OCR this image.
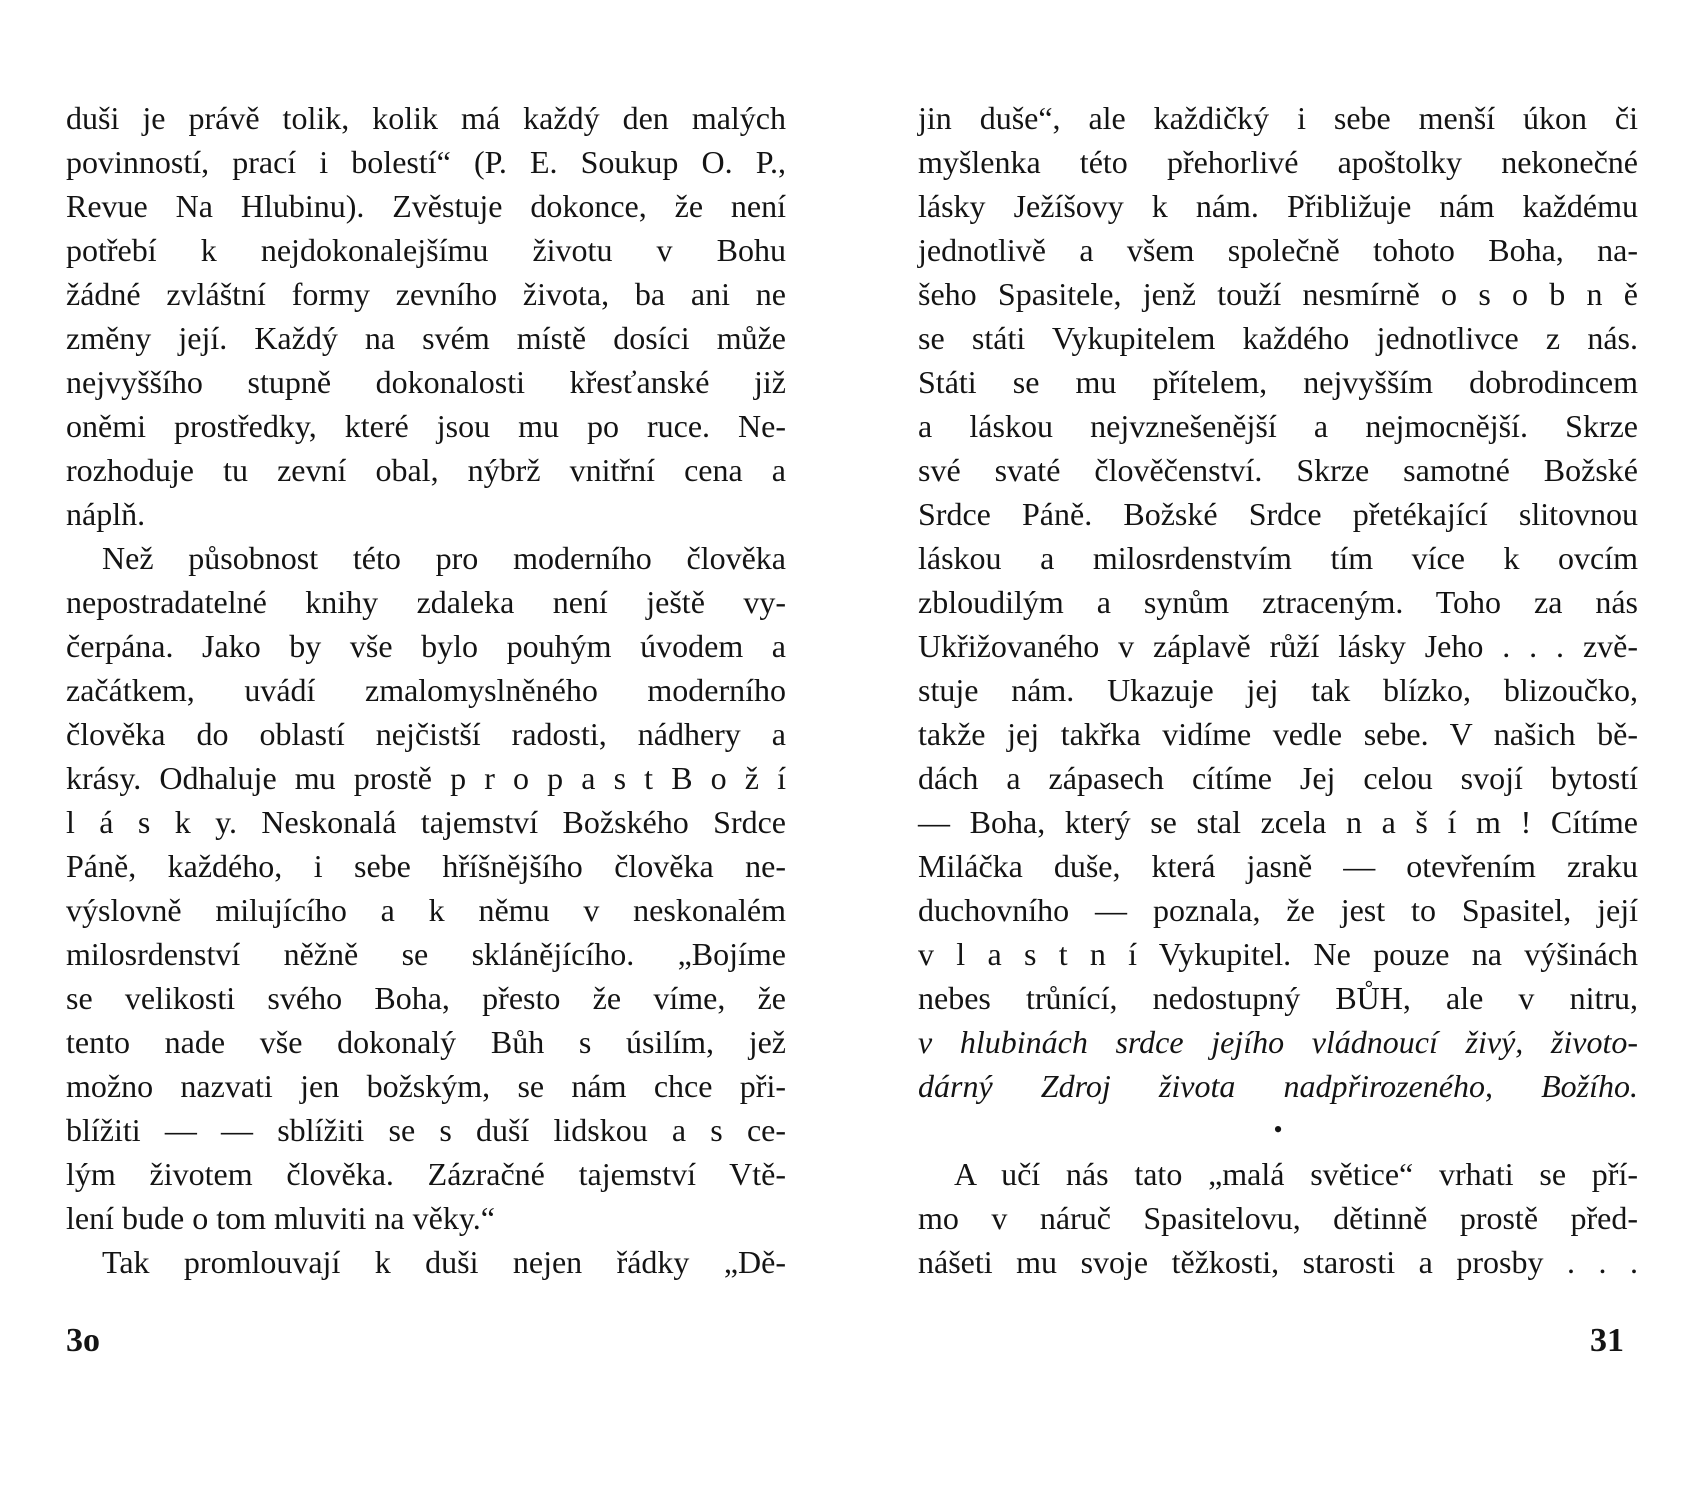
duši je právě tolik, kolik má každý den malých
povinností, prací i bolestí“ (P. E. Soukup O. P.,
Revue Na Hlubinu). Zvěstuje dokonce, že není
potřebí k nejdokonalejšímu životu v Bohu
žádné zvláštní formy zevního života, ba ani ne
změny její. Každý na svém místě dosíci může
nejvyššího stupně dokonalosti křesťanské již
oněmi prostředky, které jsou mu po ruce. Ne-
rozhoduje tu zevní obal, nýbrž vnitřní cena a
náplň.
Než působnost této pro moderního člověka
nepostradatelné knihy zdaleka není ještě vy-
čerpána. Jako by vše bylo pouhým úvodem a
začátkem, uvádí zmalomyslněného moderního
člověka do oblastí nejčistší radosti, nádhery a
krásy. Odhaluje mu prostě p r o p a s t B o ž í
l á s k y. Neskonalá tajemství Božského Srdce
Páně, každého, i sebe hříšnějšího člověka ne-
výslovně milujícího a k němu v neskonalém
milosrdenství něžně se sklánějícího. „Bojíme
se velikosti svého Boha, přesto že víme, že
tento nade vše dokonalý Bůh s úsilím, jež
možno nazvati jen božským, se nám chce při-
blížiti — — sblížiti se s duší lidskou a s ce-
lým životem člověka. Zázračné tajemství Vtě-
lení bude o tom mluviti na věky.“
Tak promlouvají k duši nejen řádky „Dě-
jin duše“, ale každičký i sebe menší úkon či
myšlenka této přehorlivé apoštolky nekonečné
lásky Ježíšovy k nám. Přibližuje nám každému
jednotlivě a všem společně tohoto Boha, na-
šeho Spasitele, jenž touží nesmírně o s o b n ě
se státi Vykupitelem každého jednotlivce z nás.
Státi se mu přítelem, nejvyšším dobrodincem
a láskou nejvznešenější a nejmocnější. Skrze
své svaté člověčenství. Skrze samotné Božské
Srdce Páně. Božské Srdce přetékající slitovnou
láskou a milosrdenstvím tím více k ovcím
zbloudilým a synům ztraceným. Toho za nás
Ukřižovaného v záplavě růží lásky Jeho . . . zvě-
stuje nám. Ukazuje jej tak blízko, blizoučko,
takže jej takřka vidíme vedle sebe. V našich bě-
dách a zápasech cítíme Jej celou svojí bytostí
— Boha, který se stal zcela n a š í m ! Cítíme
Miláčka duše, která jasně — otevřením zraku
duchovního — poznala, že jest to Spasitel, její
v l a s t n í Vykupitel. Ne pouze na výšinách
nebes trůnící, nedostupný BŮH, ale v nitru,
v hlubinách srdce jejího vládnoucí živý, životo-
dárný Zdroj života nadpřirozeného, Božího.
•
A učí nás tato „malá světice“ vrhati se pří-
mo v náruč Spasitelovu, dětinně prostě před-
nášeti mu svoje těžkosti, starosti a prosby . . .
3o	31
